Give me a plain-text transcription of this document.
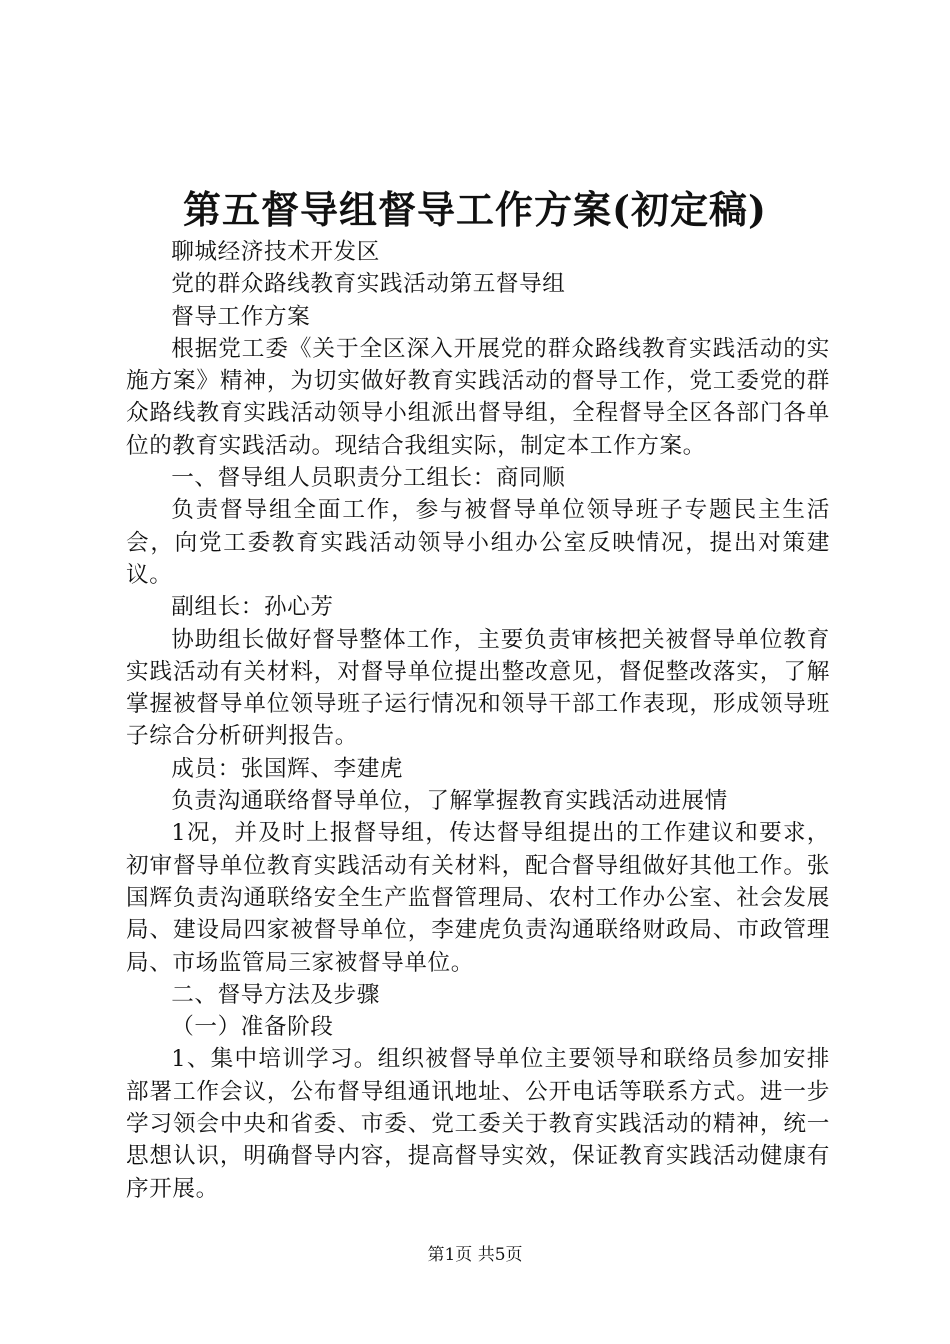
第五督导组督导工作方案(初定稿)

聊城经济技术开发区

党的群众路线教育实践活动第五督导组

督导工作方案

根据党工委《关于全区深入开展党的群众路线教育实践活动的实施方案》精神，为切实做好教育实践活动的督导工作，党工委党的群众路线教育实践活动领导小组派出督导组，全程督导全区各部门各单位的教育实践活动。现结合我组实际，制定本工作方案。

一、督导组人员职责分工组长：商同顺

负责督导组全面工作，参与被督导单位领导班子专题民主生活会，向党工委教育实践活动领导小组办公室反映情况，提出对策建议。

副组长：孙心芳

协助组长做好督导整体工作，主要负责审核把关被督导单位教育实践活动有关材料，对督导单位提出整改意见，督促整改落实，了解掌握被督导单位领导班子运行情况和领导干部工作表现，形成领导班子综合分析研判报告。

成员：张国辉、李建虎

负责沟通联络督导单位，了解掌握教育实践活动进展情

1况，并及时上报督导组，传达督导组提出的工作建议和要求，初审督导单位教育实践活动有关材料，配合督导组做好其他工作。张国辉负责沟通联络安全生产监督管理局、农村工作办公室、社会发展局、建设局四家被督导单位，李建虎负责沟通联络财政局、市政管理局、市场监管局三家被督导单位。

二、督导方法及步骤

（一）准备阶段

1、集中培训学习。组织被督导单位主要领导和联络员参加安排部署工作会议，公布督导组通讯地址、公开电话等联系方式。进一步学习领会中央和省委、市委、党工委关于教育实践活动的精神，统一思想认识，明确督导内容，提高督导实效，保证教育实践活动健康有序开展。

第1页 共5页
